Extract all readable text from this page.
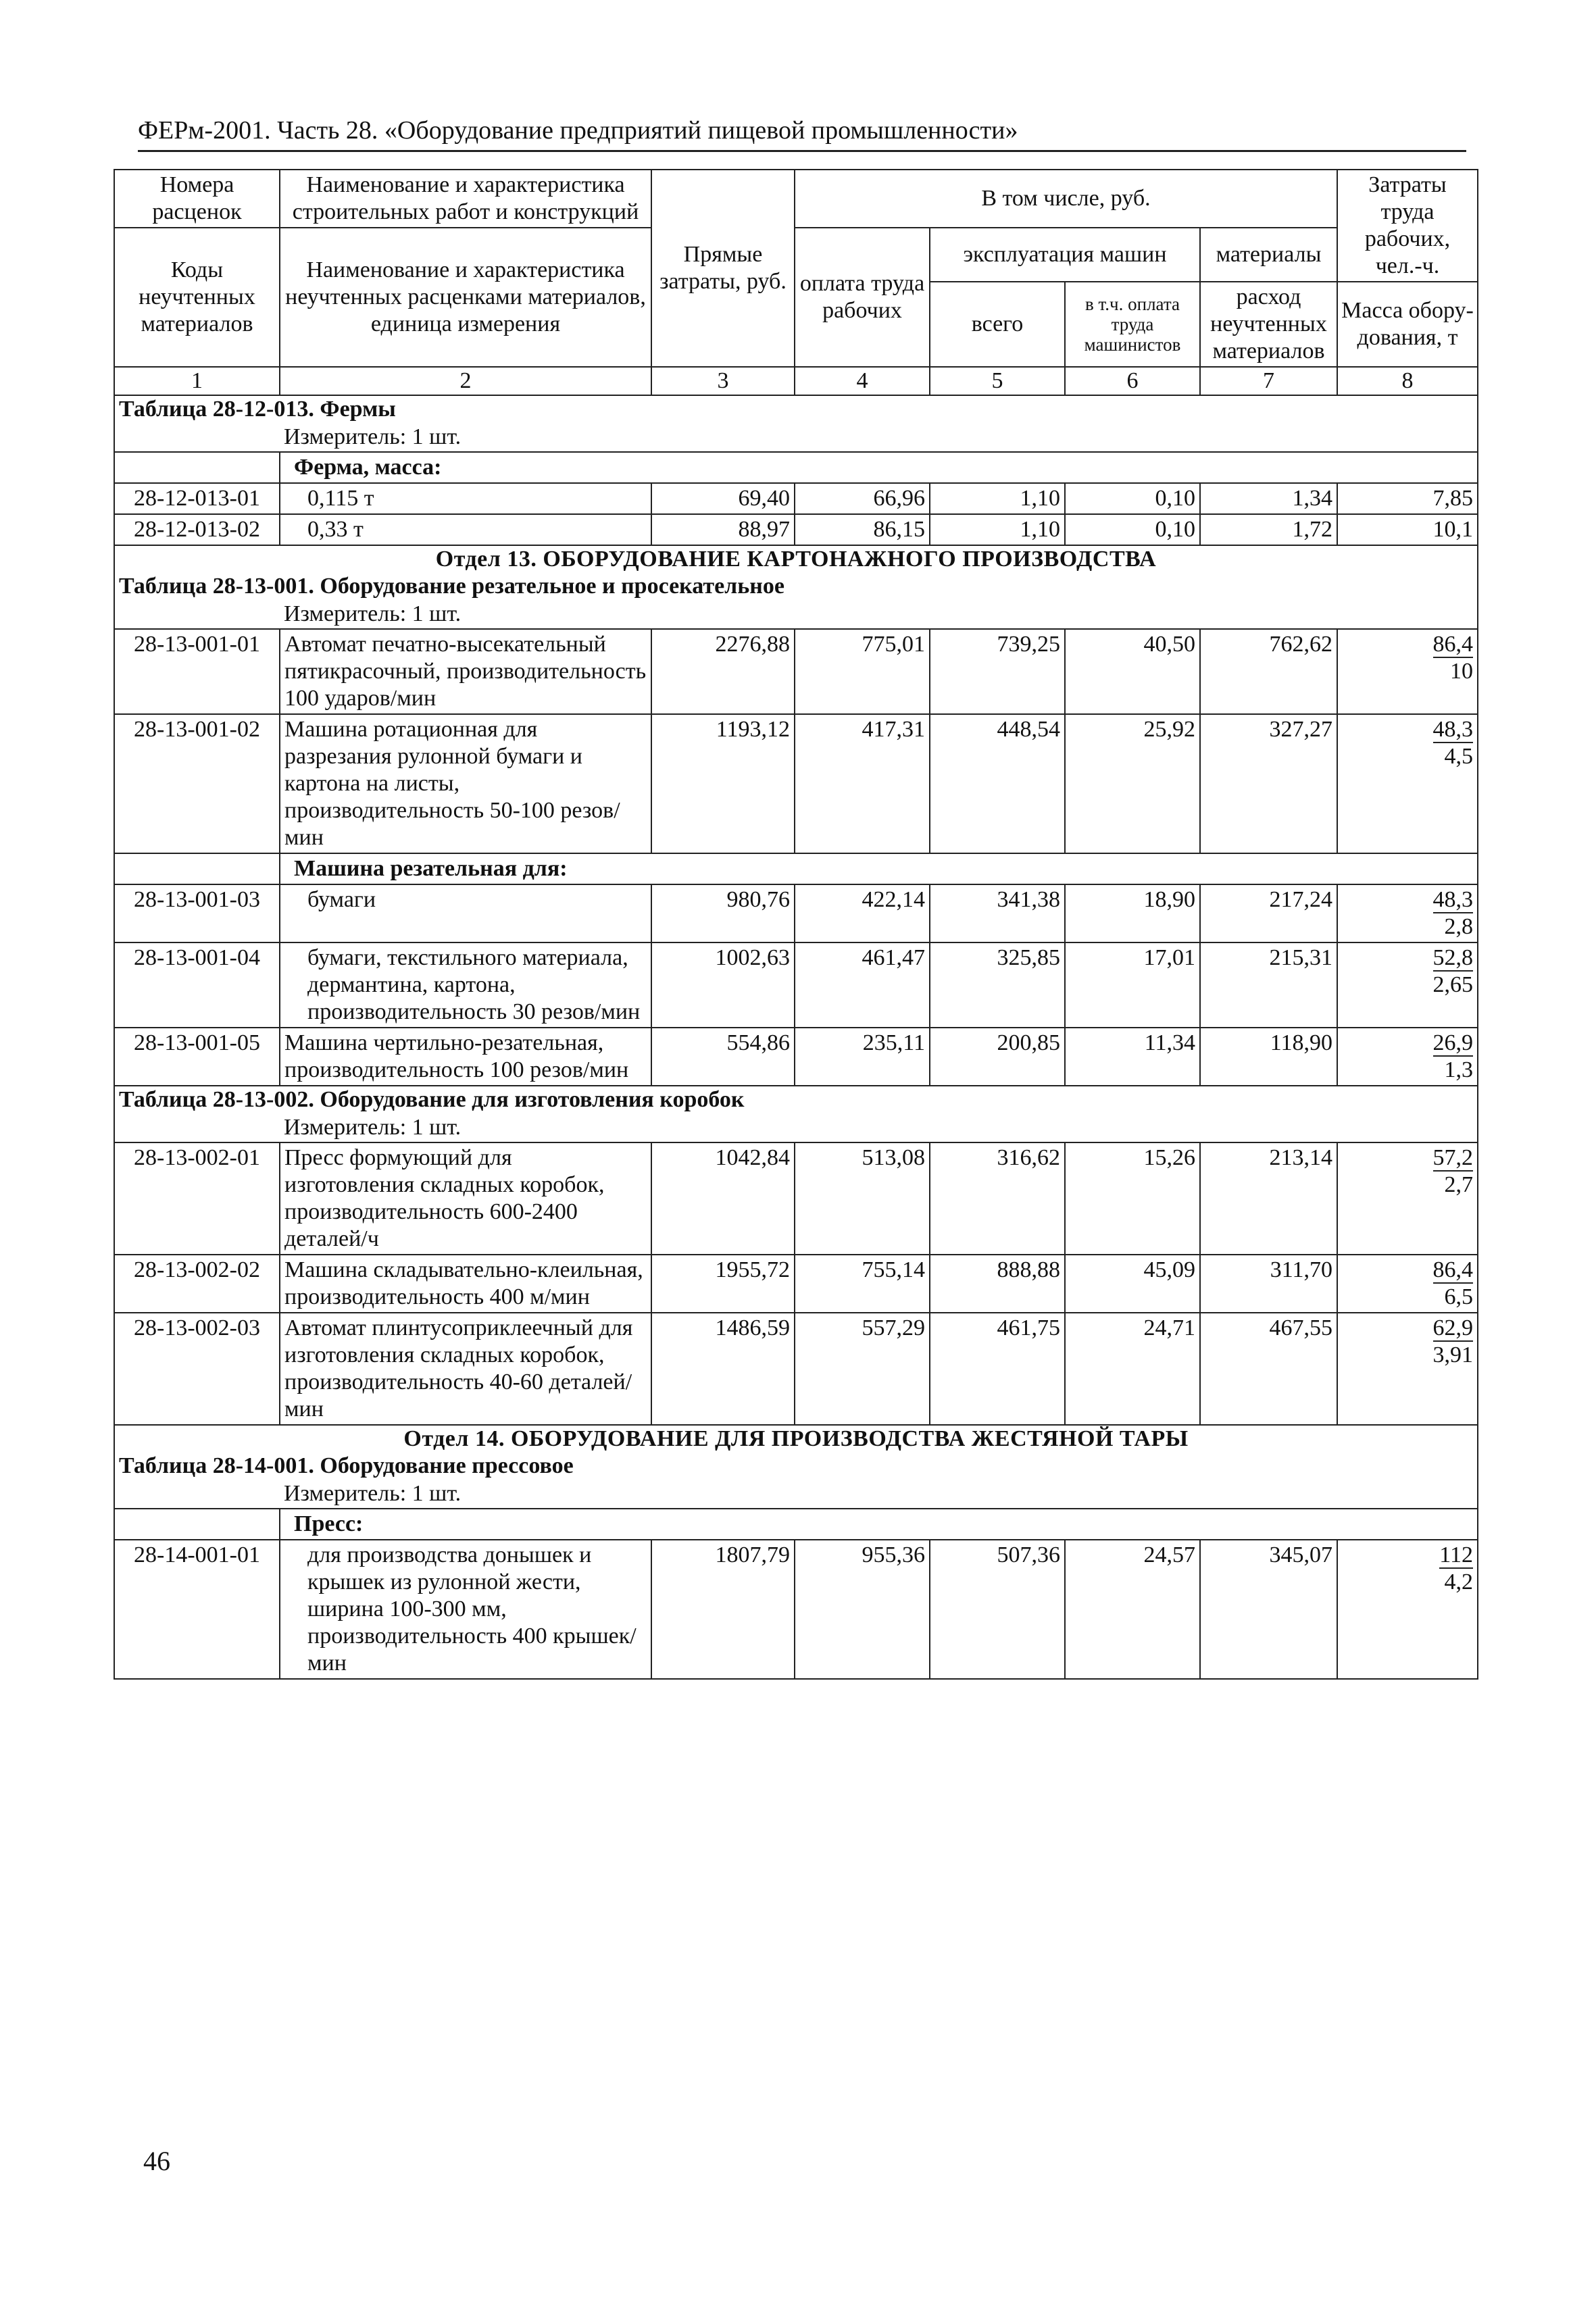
ФЕРм-2001. Часть 28. «Оборудование предприятий пищевой промышленности»
Номера расценок	Наименование и характеристика строительных работ и конструкций	Прямые затраты, руб.	В том числе, руб.				Затраты труда рабочих, чел.-ч.
Коды неучтенных материалов	Наименование и характеристика неучтенных расценками материалов, единица измерения		оплата труда рабочих	эксплуатация машин		материалы	
				всего	в т.ч. оплата труда машинистов	расход неучтенных материалов	Масса обору-дования, т
1	2	3	4	5	6	7	8
Таблица 28-12-013. Фермы							
	Измеритель: 1 шт.						
	Ферма, масса:						
28-12-013-01	0,115 т	69,40	66,96	1,10	0,10	1,34	7,85

28-12-013-02	0,33 т	88,97	86,15	1,10	0,10	1,72	10,1

Отдел 13. ОБОРУДОВАНИЕ КАРТОНАЖНОГО ПРОИЗВОДСТВА							
Таблица 28-13-001. Оборудование резательное и просекательное							
	Измеритель: 1 шт.						
28-13-001-01	Автомат печатно-высекательный пятикрасочный, производительность 100 ударов/мин	2276,88	775,01	739,25	40,50	762,62	86,4
10

28-13-001-02	Машина ротационная для разрезания рулонной бумаги и картона на листы, производительность 50-100 резов/мин	1193,12	417,31	448,54	25,92	327,27	48,3
4,5

	Машина резательная для:						
28-13-001-03	бумаги	980,76	422,14	341,38	18,90	217,24	48,3
2,8

28-13-001-04	бумаги, текстильного материала, дермантина, картона, производительность 30 резов/мин	1002,63	461,47	325,85	17,01	215,31	52,8
2,65

28-13-001-05	Машина чертильно-резательная, производительность 100 резов/мин	554,86	235,11	200,85	11,34	118,90	26,9
1,3

Таблица 28-13-002. Оборудование для изготовления коробок							
	Измеритель: 1 шт.						
28-13-002-01	Пресс формующий для изготовления складных коробок, производительность 600-2400 деталей/ч	1042,84	513,08	316,62	15,26	213,14	57,2
2,7

28-13-002-02	Машина складывательно-клеильная, производительность 400 м/мин	1955,72	755,14	888,88	45,09	311,70	86,4
6,5

28-13-002-03	Автомат плинтусоприклеечный для изготовления складных коробок, производительность 40-60 деталей/мин	1486,59	557,29	461,75	24,71	467,55	62,9
3,91

Отдел 14. ОБОРУДОВАНИЕ ДЛЯ ПРОИЗВОДСТВА ЖЕСТЯНОЙ ТАРЫ							
Таблица 28-14-001. Оборудование прессовое							
	Измеритель: 1 шт.						
	Пресс:						
28-14-001-01	для производства донышек и крышек из рулонной жести, ширина 100-300 мм, производительность 400 крышек/мин	1807,79	955,36	507,36	24,57	345,07	112
4,2
46
